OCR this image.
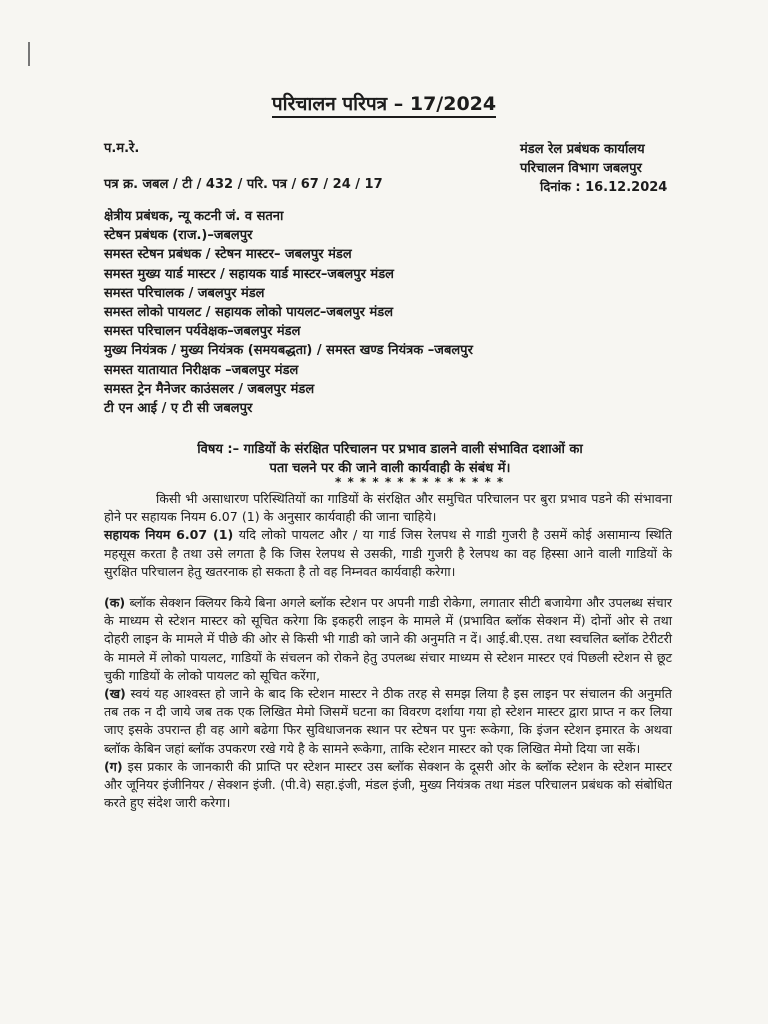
परिचालन परिपत्र – 17/2024
प.म.रे.	मंडल रेल प्रबंधक कार्यालय
परिचालन विभाग जबलपुर
दिनांक : 16.12.2024
पत्र क्र. जबल / टी / 432 / परि. पत्र / 67 / 24 / 17
क्षेत्रीय प्रबंधक, न्यू कटनी जं. व सतना
स्टेषन प्रबंधक (राज.)–जबलपुर
समस्त स्टेषन प्रबंधक / स्टेषन मास्टर– जबलपुर मंडल
समस्त मुख्य यार्ड मास्टर / सहायक यार्ड मास्टर–जबलपुर मंडल
समस्त परिचालक / जबलपुर मंडल
समस्त लोको पायलट / सहायक लोको पायलट–जबलपुर मंडल
समस्त परिचालन पर्यवेक्षक–जबलपुर मंडल
मुख्य नियंत्रक / मुख्य नियंत्रक (समयबद्धता) / समस्त खण्ड नियंत्रक –जबलपुर
समस्त यातायात निरीक्षक –जबलपुर मंडल
समस्त ट्रेन मैनेजर काउंसलर / जबलपुर मंडल
टी एन आई / ए टी सी जबलपुर
विषय :– गाडियों के संरक्षित परिचालन पर प्रभाव डालने वाली संभावित दशाओं का
पता चलने पर की जाने वाली कार्यवाही के संबंध में।
* * * * * * * * * * * * * *

किसी भी असाधारण परिस्थितियों का गाडियों के संरक्षित और समुचित परिचालन पर बुरा प्रभाव पडने की संभावना होने पर सहायक नियम 6.07 (1) के अनुसार कार्यवाही की जाना चाहिये।

सहायक नियम 6.07 (1) यदि लोको पायलट और / या गार्ड जिस रेलपथ से गाडी गुजरी है उसमें कोई असामान्य स्थिति महसूस करता है तथा उसे लगता है कि जिस रेलपथ से उसकी, गाडी गुजरी है रेलपथ का वह हिस्सा आने वाली गाडियों के सुरक्षित परिचालन हेतु खतरनाक हो सकता है तो वह निम्नवत कार्यवाही करेगा।

(क) ब्लॉक सेक्शन क्लियर किये बिना अगले ब्लॉक स्टेशन पर अपनी गाडी रोकेगा, लगातार सीटी बजायेगा और उपलब्ध संचार के माध्यम से स्टेशन मास्टर को सूचित करेगा कि इकहरी लाइन के मामले में (प्रभावित ब्लॉक सेक्शन में) दोनों ओर से तथा दोहरी लाइन के मामले में पीछे की ओर से किसी भी गाडी को जाने की अनुमति न दें। आई.बी.एस. तथा स्वचलित ब्लॉक टेरीटरी के मामले में लोको पायलट, गाडियों के संचलन को रोकने हेतु उपलब्ध संचार माध्यम से स्टेशन मास्टर एवं पिछली स्टेशन से छूट चुकी गाडियों के लोको पायलट को सूचित करेंगा,

(ख) स्वयं यह आश्वस्त हो जाने के बाद कि स्टेशन मास्टर ने ठीक तरह से समझ लिया है इस लाइन पर संचालन की अनुमति तब तक न दी जाये जब तक एक लिखित मेमो जिसमें घटना का विवरण दर्शाया गया हो स्टेशन मास्टर द्वारा प्राप्त न कर लिया जाए इसके उपरान्त ही वह आगे बढेगा फिर सुविधाजनक स्थान पर स्टेषन पर पुनः रूकेगा, कि इंजन स्टेशन इमारत के अथवा ब्लॉक केबिन जहां ब्लॉक उपकरण रखे गये है के सामने रूकेगा, ताकि स्टेशन मास्टर को एक लिखित मेमो दिया जा सकें।

(ग) इस प्रकार के जानकारी की प्राप्ति पर स्टेशन मास्टर उस ब्लॉक सेक्शन के दूसरी ओर के ब्लॉक स्टेशन के स्टेशन मास्टर और जूनियर इंजीनियर / सेक्शन इंजी. (पी.वे) सहा.इंजी, मंडल इंजी, मुख्य नियंत्रक तथा मंडल परिचालन प्रबंधक को संबोधित करते हुए संदेश जारी करेगा।
